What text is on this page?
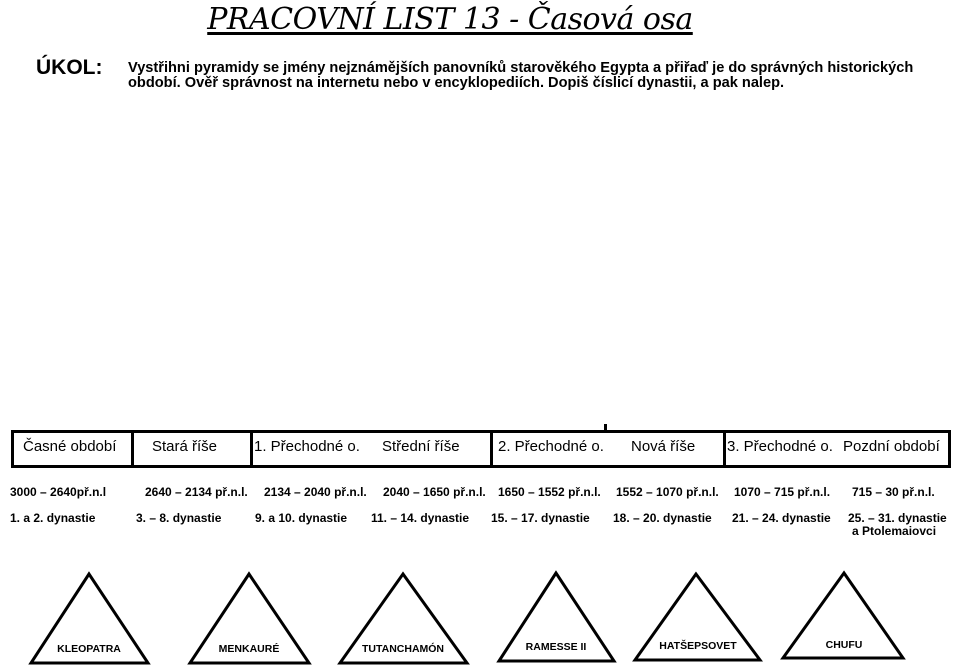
PRACOVNÍ LIST 13 - Časová osa
ÚKOL: Vystřihni pyramidy se jmény nejznámějších panovníků starověkého Egypta a přiřaď je do správných historických
období. Ověř správnost na internetu nebo v encyklopediích. Dopiš číslicí dynastii, a pak nalep.
Časné období	Stará říše	1. Přechodné o.	Střední říše	2. Přechodné o.	Nová říše	3. Přechodné o. Pozdní období
3000 – 2640př.n.l	2640 – 2134 př.n.l. 2134 – 2040 př.n.l. 2040 – 1650 př.n.l. 1650 – 1552 př.n.l. 1552 – 1070 př.n.l. 1070 – 715 př.n.l. 715 – 30 př.n.l.
1. a 2. dynastie	3. – 8. dynastie	9. a 10. dynastie 11. – 14. dynastie 15. – 17. dynastie 18. – 20. dynastie 21. – 24. dynastie 25. – 31. dynastie
a Ptolemaiovci
KLEOPATRA	MENKAURÉ	TUTANCHAMÓN	RAMESSE II	HATŠEPSOVET	CHUFU
